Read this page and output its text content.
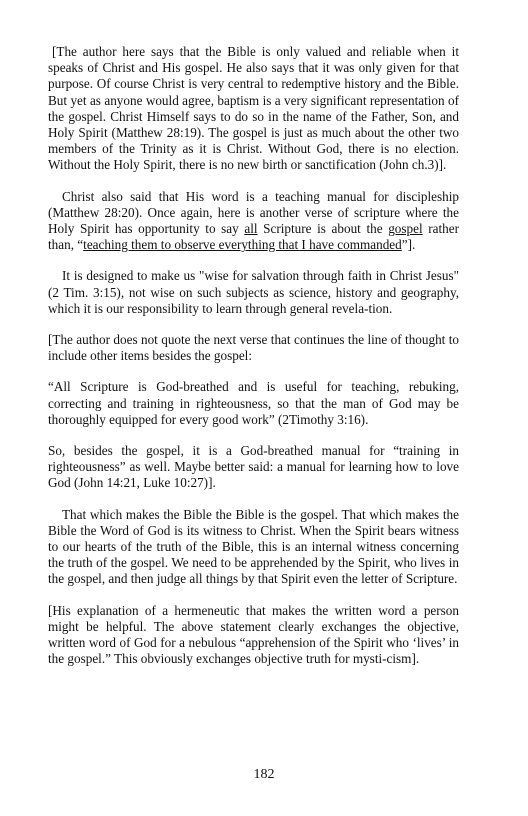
[The author here says that the Bible is only valued and reliable when it speaks of Christ and His gospel. He also says that it was only given for that purpose. Of course Christ is very central to redemptive history and the Bible. But yet as anyone would agree, baptism is a very significant representation of the gospel. Christ Himself says to do so in the name of the Father, Son, and Holy Spirit (Matthew 28:19). The gospel is just as much about the other two members of the Trinity as it is Christ. Without God, there is no election. Without the Holy Spirit, there is no new birth or sanctification (John ch.3)].

Christ also said that His word is a teaching manual for discipleship (Matthew 28:20). Once again, here is another verse of scripture where the Holy Spirit has opportunity to say all Scripture is about the gospel rather than, “teaching them to observe everything that I have commanded”].

It is designed to make us "wise for salvation through faith in Christ Jesus" (2 Tim. 3:15), not wise on such subjects as science, history and geography, which it is our responsibility to learn through general revela-tion.

[The author does not quote the next verse that continues the line of thought to include other items besides the gospel:

“All Scripture is God-breathed and is useful for teaching, rebuking, correcting and training in righteousness, so that the man of God may be thoroughly equipped for every good work” (2Timothy 3:16).

So, besides the gospel, it is a God-breathed manual for “training in righteousness” as well. Maybe better said: a manual for learning how to love God (John 14:21, Luke 10:27)].

That which makes the Bible the Bible is the gospel. That which makes the Bible the Word of God is its witness to Christ. When the Spirit bears witness to our hearts of the truth of the Bible, this is an internal witness concerning the truth of the gospel. We need to be apprehended by the Spirit, who lives in the gospel, and then judge all things by that Spirit even the letter of Scripture.

[His explanation of a hermeneutic that makes the written word a person might be helpful. The above statement clearly exchanges the objective, written word of God for a nebulous “apprehension of the Spirit who ‘lives’ in the gospel.” This obviously exchanges objective truth for mysti-cism].

182
